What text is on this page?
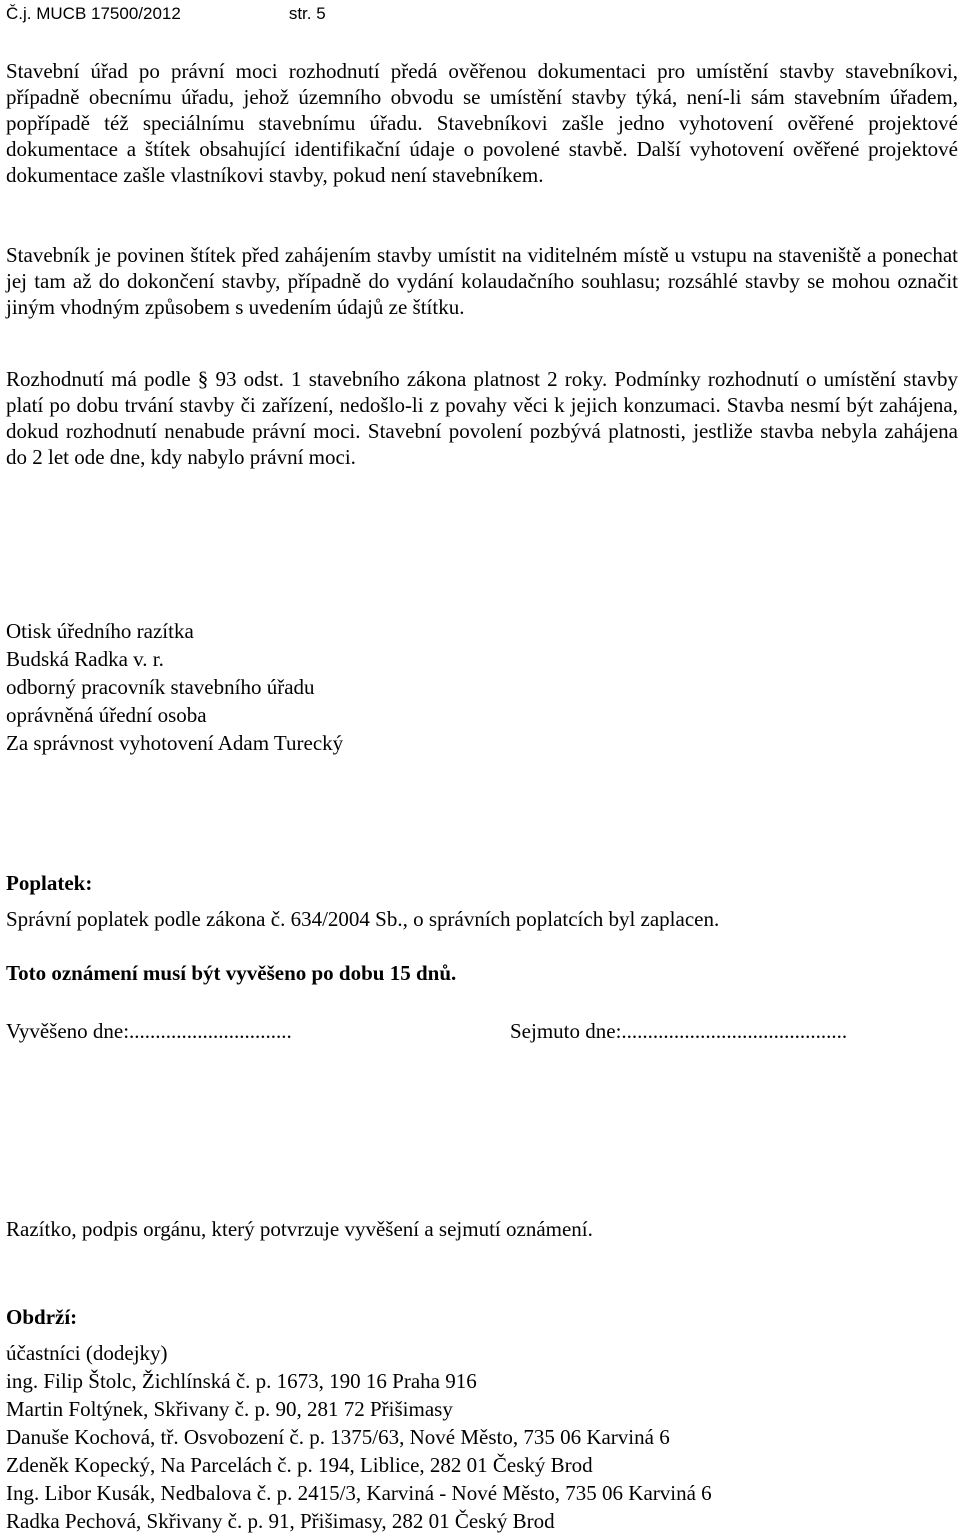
Č.j. MUCB 17500/2012	str. 5

Stavební úřad po právní moci rozhodnutí předá ověřenou dokumentaci pro umístění stavby stavebníkovi, případně obecnímu úřadu, jehož územního obvodu se umístění stavby týká, není-li sám stavebním úřadem, popřípadě též speciálnímu stavebnímu úřadu. Stavebníkovi zašle jedno vyhotovení ověřené projektové dokumentace a štítek obsahující identifikační údaje o povolené stavbě. Další vyhotovení ověřené projektové dokumentace zašle vlastníkovi stavby, pokud není stavebníkem.

Stavebník je povinen štítek před zahájením stavby umístit na viditelném místě u vstupu na staveniště a ponechat jej tam až do dokončení stavby, případně do vydání kolaudačního souhlasu; rozsáhlé stavby se mohou označit jiným vhodným způsobem s uvedením údajů ze štítku.

Rozhodnutí má podle § 93 odst. 1 stavebního zákona platnost 2 roky. Podmínky rozhodnutí o umístění stavby platí po dobu trvání stavby či zařízení, nedošlo-li z povahy věci k jejich konzumaci. Stavba nesmí být zahájena, dokud rozhodnutí nenabude právní moci. Stavební povolení pozbývá platnosti, jestliže stavba nebyla zahájena do 2 let ode dne, kdy nabylo právní moci.

Otisk úředního razítka
Budská Radka v. r.
odborný pracovník stavebního úřadu
oprávněná úřední osoba
Za správnost vyhotovení Adam Turecký
Poplatek:
Správní poplatek podle zákona č. 634/2004 Sb., o správních poplatcích byl zaplacen.
Toto oznámení musí být vyvěšeno po dobu 15 dnů.
Vyvěšeno dne:...............................	Sejmuto dne:...........................................
Razítko, podpis orgánu, který potvrzuje vyvěšení a sejmutí oznámení.
Obdrží:
účastníci (dodejky)
ing. Filip Štolc, Žichlínská č. p. 1673, 190 16 Praha 916
Martin Foltýnek, Skřivany č. p. 90, 281 72 Přišimasy
Danuše Kochová, tř. Osvobození č. p. 1375/63, Nové Město, 735 06 Karviná 6
Zdeněk Kopecký, Na Parcelách č. p. 194, Liblice, 282 01 Český Brod
Ing. Libor Kusák, Nedbalova č. p. 2415/3, Karviná - Nové Město, 735 06 Karviná 6
Radka Pechová, Skřivany č. p. 91, Přišimasy, 282 01 Český Brod
